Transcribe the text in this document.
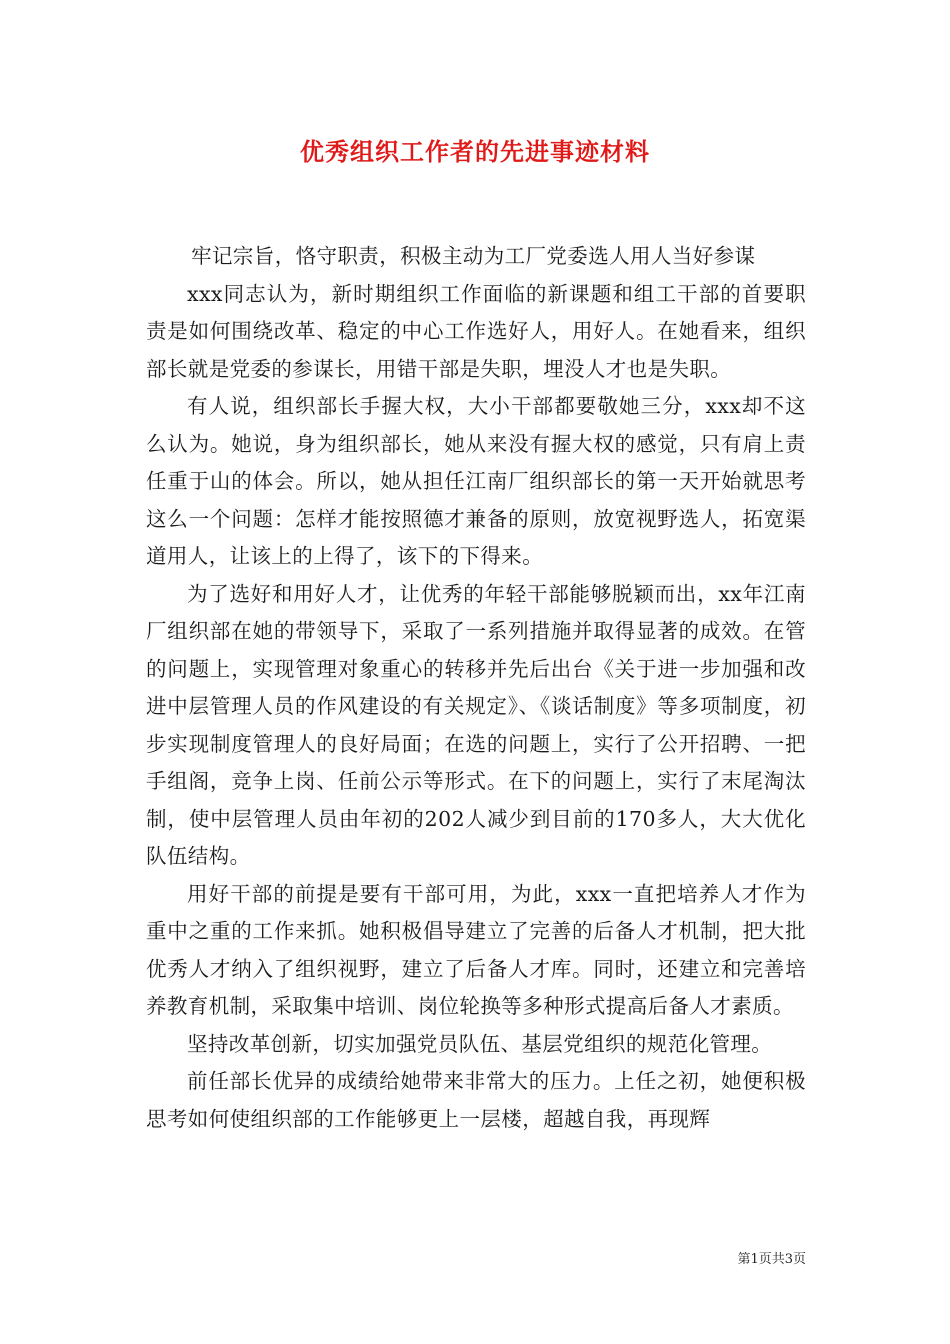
优秀组织工作者的先进事迹材料

牢记宗旨，恪守职责，积极主动为工厂党委选人用人当好参谋

xxx同志认为，新时期组织工作面临的新课题和组工干部的首要职责是如何围绕改革、稳定的中心工作选好人，用好人。在她看来，组织部长就是党委的参谋长，用错干部是失职，埋没人才也是失职。

有人说，组织部长手握大权，大小干部都要敬她三分，xxx却不这么认为。她说，身为组织部长，她从来没有握大权的感觉，只有肩上责任重于山的体会。所以，她从担任江南厂组织部长的第一天开始就思考这么一个问题：怎样才能按照德才兼备的原则，放宽视野选人，拓宽渠道用人，让该上的上得了，该下的下得来。

为了选好和用好人才，让优秀的年轻干部能够脱颖而出，xx年江南厂组织部在她的带领导下，采取了一系列措施并取得显著的成效。在管的问题上，实现管理对象重心的转移并先后出台《关于进一步加强和改进中层管理人员的作风建设的有关规定》、《谈话制度》等多项制度，初步实现制度管理人的良好局面；在选的问题上，实行了公开招聘、一把手组阁，竞争上岗、任前公示等形式。在下的问题上，实行了末尾淘汰制，使中层管理人员由年初的202人减少到目前的170多人，大大优化队伍结构。

用好干部的前提是要有干部可用，为此，xxx一直把培养人才作为重中之重的工作来抓。她积极倡导建立了完善的后备人才机制，把大批优秀人才纳入了组织视野，建立了后备人才库。同时，还建立和完善培养教育机制，采取集中培训、岗位轮换等多种形式提高后备人才素质。

坚持改革创新，切实加强党员队伍、基层党组织的规范化管理。

前任部长优异的成绩给她带来非常大的压力。上任之初，她便积极思考如何使组织部的工作能够更上一层楼，超越自我，再现辉

第1页共3页
